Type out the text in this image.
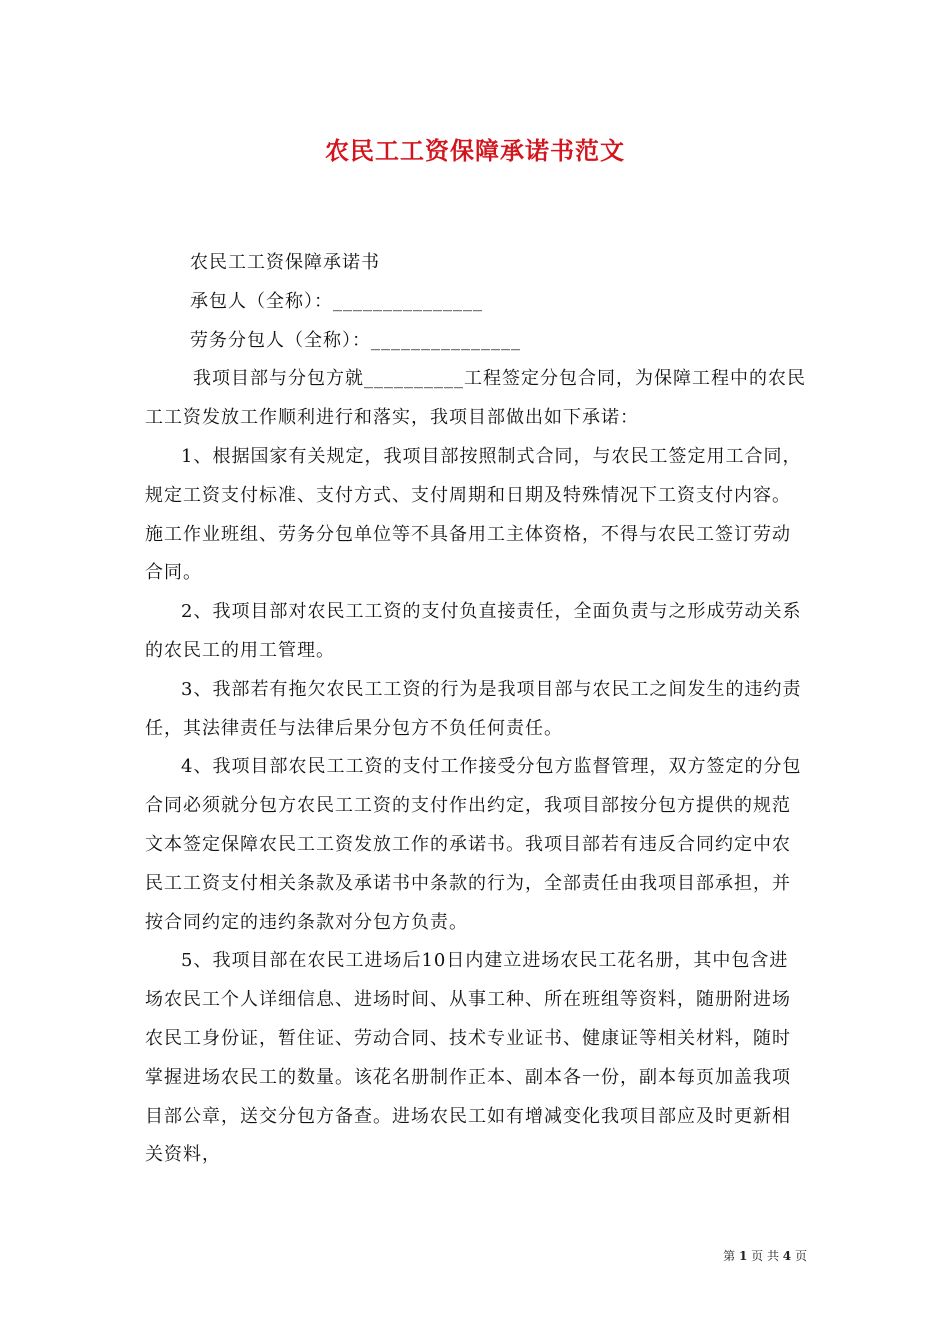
农民工工资保障承诺书范文

农民工工资保障承诺书

承包人（全称）：_______________

劳务分包人（全称）：_______________

我项目部与分包方就__________工程签定分包合同，为保障工程中的农民工工资发放工作顺利进行和落实，我项目部做出如下承诺：

1、根据国家有关规定，我项目部按照制式合同，与农民工签定用工合同，规定工资支付标准、支付方式、支付周期和日期及特殊情况下工资支付内容。施工作业班组、劳务分包单位等不具备用工主体资格，不得与农民工签订劳动合同。

2、我项目部对农民工工资的支付负直接责任，全面负责与之形成劳动关系的农民工的用工管理。

3、我部若有拖欠农民工工资的行为是我项目部与农民工之间发生的违约责任，其法律责任与法律后果分包方不负任何责任。

4、我项目部农民工工资的支付工作接受分包方监督管理，双方签定的分包合同必须就分包方农民工工资的支付作出约定，我项目部按分包方提供的规范文本签定保障农民工工资发放工作的承诺书。我项目部若有违反合同约定中农民工工资支付相关条款及承诺书中条款的行为，全部责任由我项目部承担，并按合同约定的违约条款对分包方负责。

5、我项目部在农民工进场后10日内建立进场农民工花名册，其中包含进场农民工个人详细信息、进场时间、从事工种、所在班组等资料，随册附进场农民工身份证，暂住证、劳动合同、技术专业证书、健康证等相关材料，随时掌握进场农民工的数量。该花名册制作正本、副本各一份，副本每页加盖我项目部公章，送交分包方备查。进场农民工如有增减变化我项目部应及时更新相关资料，

第 1 页 共 4 页
